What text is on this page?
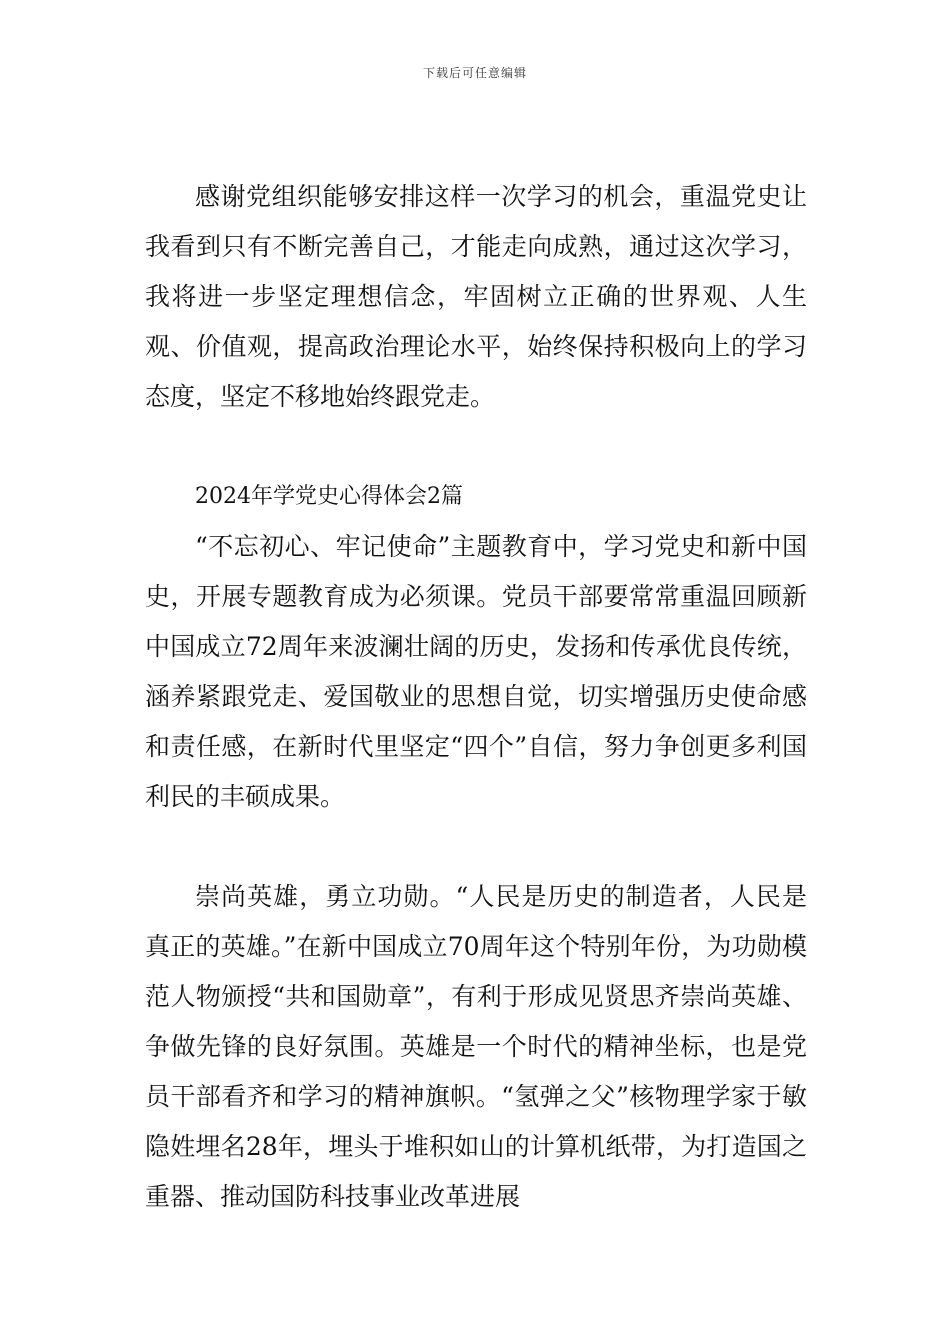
下载后可任意编辑

感谢党组织能够安排这样一次学习的机会，重温党史让我看到只有不断完善自己，才能走向成熟，通过这次学习，我将进一步坚定理想信念，牢固树立正确的世界观、人生观、价值观，提高政治理论水平，始终保持积极向上的学习态度，坚定不移地始终跟党走。

2024年学党史心得体会2篇

“不忘初心、牢记使命”主题教育中，学习党史和新中国史，开展专题教育成为必须课。党员干部要常常重温回顾新中国成立72周年来波澜壮阔的历史，发扬和传承优良传统，涵养紧跟党走、爱国敬业的思想自觉，切实增强历史使命感和责任感，在新时代里坚定“四个”自信，努力争创更多利国利民的丰硕成果。

崇尚英雄，勇立功勋。“人民是历史的制造者，人民是真正的英雄。”在新中国成立70周年这个特别年份，为功勋模范人物颁授“共和国勋章”，有利于形成见贤思齐崇尚英雄、争做先锋的良好氛围。英雄是一个时代的精神坐标，也是党员干部看齐和学习的精神旗帜。“氢弹之父”核物理学家于敏隐姓埋名28年，埋头于堆积如山的计算机纸带，为打造国之重器、推动国防科技事业改革进展
